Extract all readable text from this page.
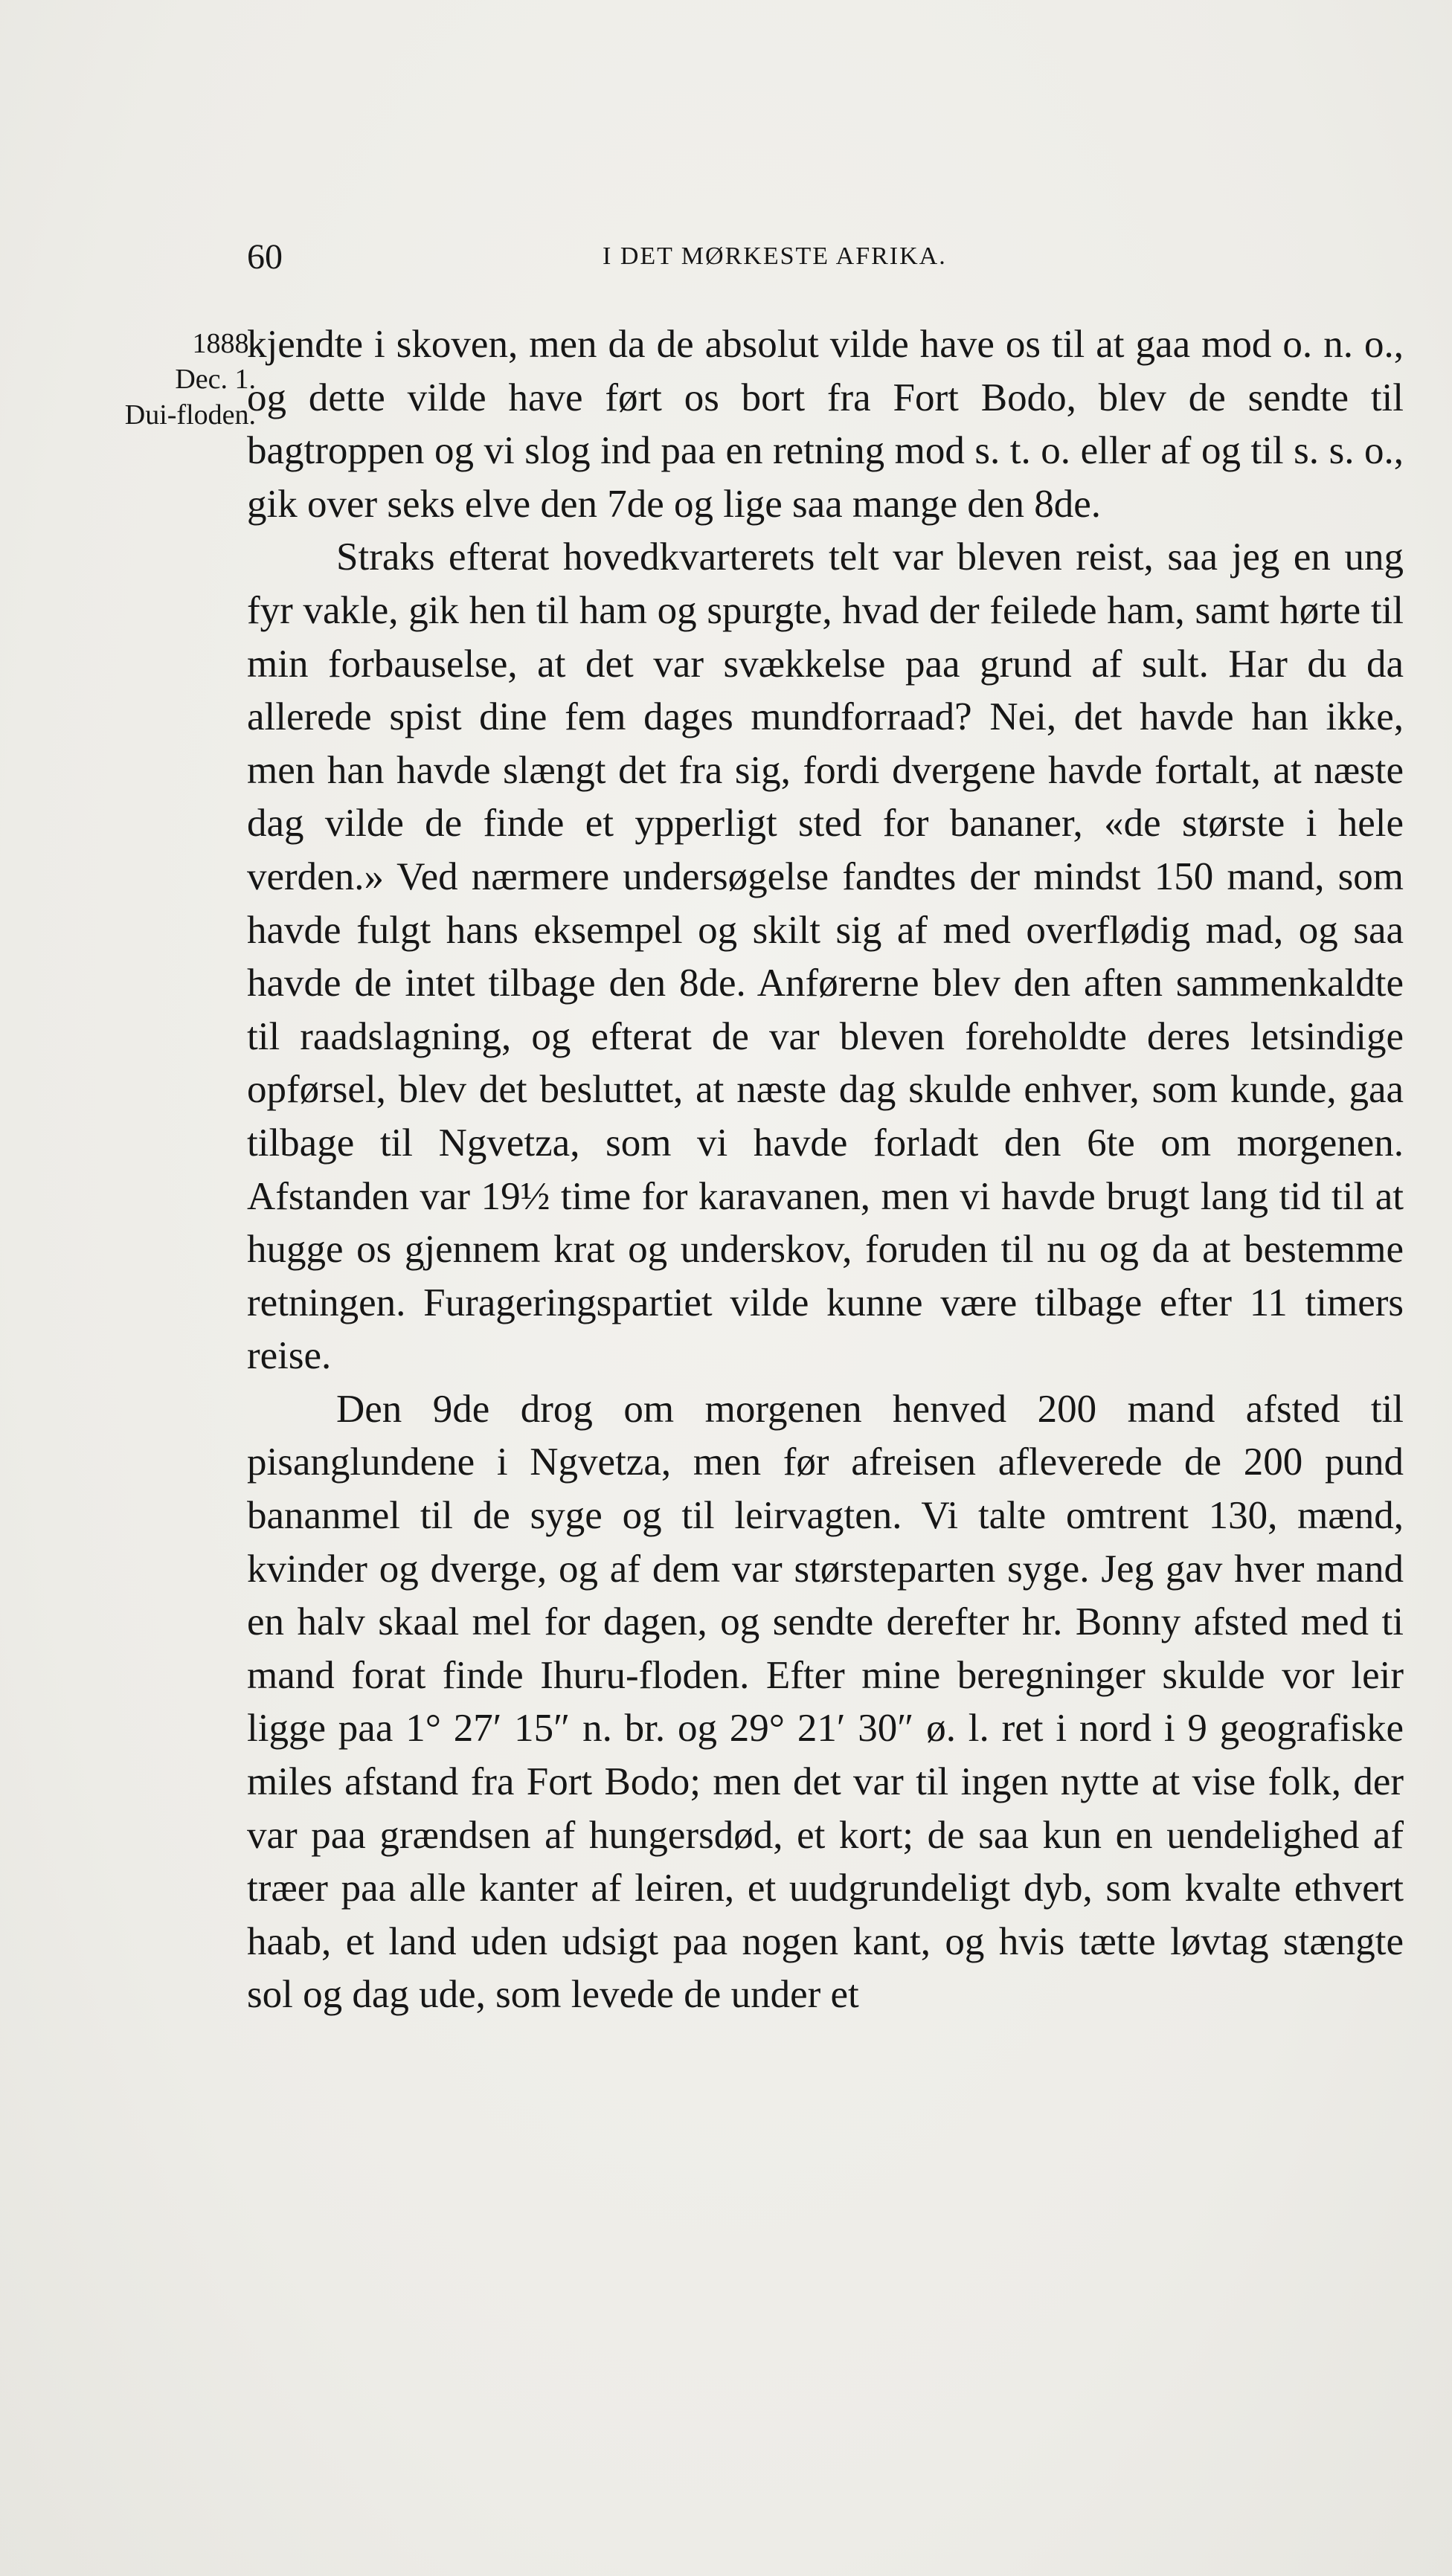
60	I DET MØRKESTE AFRIKA.
1888.
Dec. 1.
Dui-floden.

kjendte i skoven, men da de absolut vilde have os til at gaa mod o. n. o., og dette vilde have ført os bort fra Fort Bodo, blev de sendte til bagtroppen og vi slog ind paa en retning mod s. t. o. eller af og til s. s. o., gik over seks elve den 7de og lige saa mange den 8de.

Straks efterat hovedkvarterets telt var bleven reist, saa jeg en ung fyr vakle, gik hen til ham og spurgte, hvad der feilede ham, samt hørte til min forbauselse, at det var svækkelse paa grund af sult. Har du da allerede spist dine fem dages mundforraad? Nei, det havde han ikke, men han havde slængt det fra sig, fordi dvergene havde fortalt, at næste dag vilde de finde et ypperligt sted for bananer, «de største i hele verden.» Ved nærmere undersøgelse fandtes der mindst 150 mand, som havde fulgt hans eksempel og skilt sig af med overflødig mad, og saa havde de intet tilbage den 8de. Anførerne blev den aften sammenkaldte til raadslagning, og efterat de var bleven foreholdte deres letsindige opførsel, blev det besluttet, at næste dag skulde enhver, som kunde, gaa tilbage til Ngvetza, som vi havde forladt den 6te om morgenen. Afstanden var 19½ time for karavanen, men vi havde brugt lang tid til at hugge os gjennem krat og underskov, foruden til nu og da at bestemme retningen. Furageringspartiet vilde kunne være tilbage efter 11 timers reise.

Den 9de drog om morgenen henved 200 mand afsted til pisanglundene i Ngvetza, men før afreisen afleverede de 200 pund bananmel til de syge og til leirvagten. Vi talte omtrent 130, mænd, kvinder og dverge, og af dem var størsteparten syge. Jeg gav hver mand en halv skaal mel for dagen, og sendte derefter hr. Bonny afsted med ti mand forat finde Ihuru-floden. Efter mine beregninger skulde vor leir ligge paa 1° 27′ 15″ n. br. og 29° 21′ 30″ ø. l. ret i nord i 9 geografiske miles afstand fra Fort Bodo; men det var til ingen nytte at vise folk, der var paa grændsen af hungersdød, et kort; de saa kun en uendelighed af træer paa alle kanter af leiren, et uudgrundeligt dyb, som kvalte ethvert haab, et land uden udsigt paa nogen kant, og hvis tætte løvtag stængte sol og dag ude, som levede de under et
